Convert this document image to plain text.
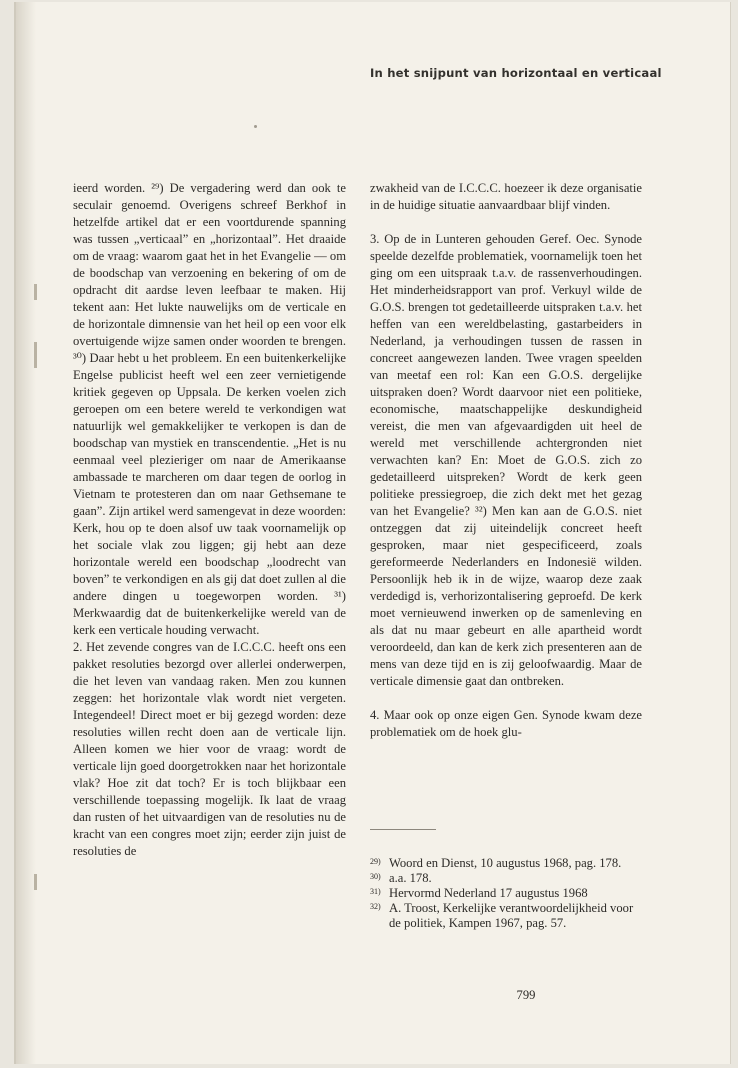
In het snijpunt van horizontaal en verticaal

ieerd worden. ²⁹) De vergadering werd dan ook te seculair genoemd. Overigens schreef Berkhof in hetzelfde artikel dat er een voortdurende spanning was tussen „verticaal” en „horizontaal”. Het draaide om de vraag: waarom gaat het in het Evangelie — om de boodschap van verzoening en bekering of om de opdracht dit aardse leven leefbaar te maken. Hij tekent aan: Het lukte nauwelijks om de verticale en de horizontale dimnensie van het heil op een voor elk overtuigende wijze samen onder woorden te brengen. ³⁰) Daar hebt u het probleem. En een buitenkerkelijke Engelse publicist heeft wel een zeer vernietigende kritiek gegeven op Uppsala. De kerken voelen zich geroepen om een betere wereld te verkondigen wat natuurlijk wel gemakkelijker te verkopen is dan de boodschap van mystiek en transcendentie. „Het is nu eenmaal veel plezieriger om naar de Amerikaanse ambassade te marcheren om daar tegen de oorlog in Vietnam te protesteren dan om naar Gethsemane te gaan”. Zijn artikel werd samengevat in deze woorden: Kerk, hou op te doen alsof uw taak voornamelijk op het sociale vlak zou liggen; gij hebt aan deze horizontale wereld een boodschap „loodrecht van boven” te verkondigen en als gij dat doet zullen al die andere dingen u toegeworpen worden. ³¹) Merkwaardig dat de buitenkerkelijke wereld van de kerk een verticale houding verwacht.

2. Het zevende congres van de I.C.C.C. heeft ons een pakket resoluties bezorgd over allerlei onderwerpen, die het leven van vandaag raken. Men zou kunnen zeggen: het horizontale vlak wordt niet vergeten. Integendeel! Direct moet er bij gezegd worden: deze resoluties willen recht doen aan de verticale lijn. Alleen komen we hier voor de vraag: wordt de verticale lijn goed doorgetrokken naar het horizontale vlak? Hoe zit dat toch? Er is toch blijkbaar een verschillende toepassing mogelijk. Ik laat de vraag dan rusten of het uitvaardigen van de resoluties nu de kracht van een congres moet zijn; eerder zijn juist de resoluties de

zwakheid van de I.C.C.C. hoezeer ik deze organisatie in de huidige situatie aanvaardbaar blijf vinden.

3. Op de in Lunteren gehouden Geref. Oec. Synode speelde dezelfde problematiek, voornamelijk toen het ging om een uitspraak t.a.v. de rassenverhoudingen. Het minderheidsrapport van prof. Verkuyl wilde de G.O.S. brengen tot gedetailleerde uitspraken t.a.v. het heffen van een wereldbelasting, gastarbeiders in Nederland, ja verhoudingen tussen de rassen in concreet aangewezen landen. Twee vragen speelden van meetaf een rol: Kan een G.O.S. dergelijke uitspraken doen? Wordt daarvoor niet een politieke, economische, maatschappelijke deskundigheid vereist, die men van afgevaardigden uit heel de wereld met verschillende achtergronden niet verwachten kan? En: Moet de G.O.S. zich zo gedetailleerd uitspreken? Wordt de kerk geen politieke pressiegroep, die zich dekt met het gezag van het Evangelie? ³²) Men kan aan de G.O.S. niet ontzeggen dat zij uiteindelijk concreet heeft gesproken, maar niet gespecificeerd, zoals gereformeerde Nederlanders en Indonesië wilden. Persoonlijk heb ik in de wijze, waarop deze zaak verdedigd is, verhorizontalisering geproefd. De kerk moet vernieuwend inwerken op de samenleving en als dat nu maar gebeurt en alle apartheid wordt veroordeeld, dan kan de kerk zich presenteren aan de mens van deze tijd en is zij geloofwaardig. Maar de verticale dimensie gaat dan ontbreken.

4. Maar ook op onze eigen Gen. Synode kwam deze problematiek om de hoek glu-

29) Woord en Dienst, 10 augustus 1968, pag. 178.

30) a.a. 178.

31) Hervormd Nederland 17 augustus 1968

32) A. Troost, Kerkelijke verantwoordelijkheid voor de politiek, Kampen 1967, pag. 57.

799
